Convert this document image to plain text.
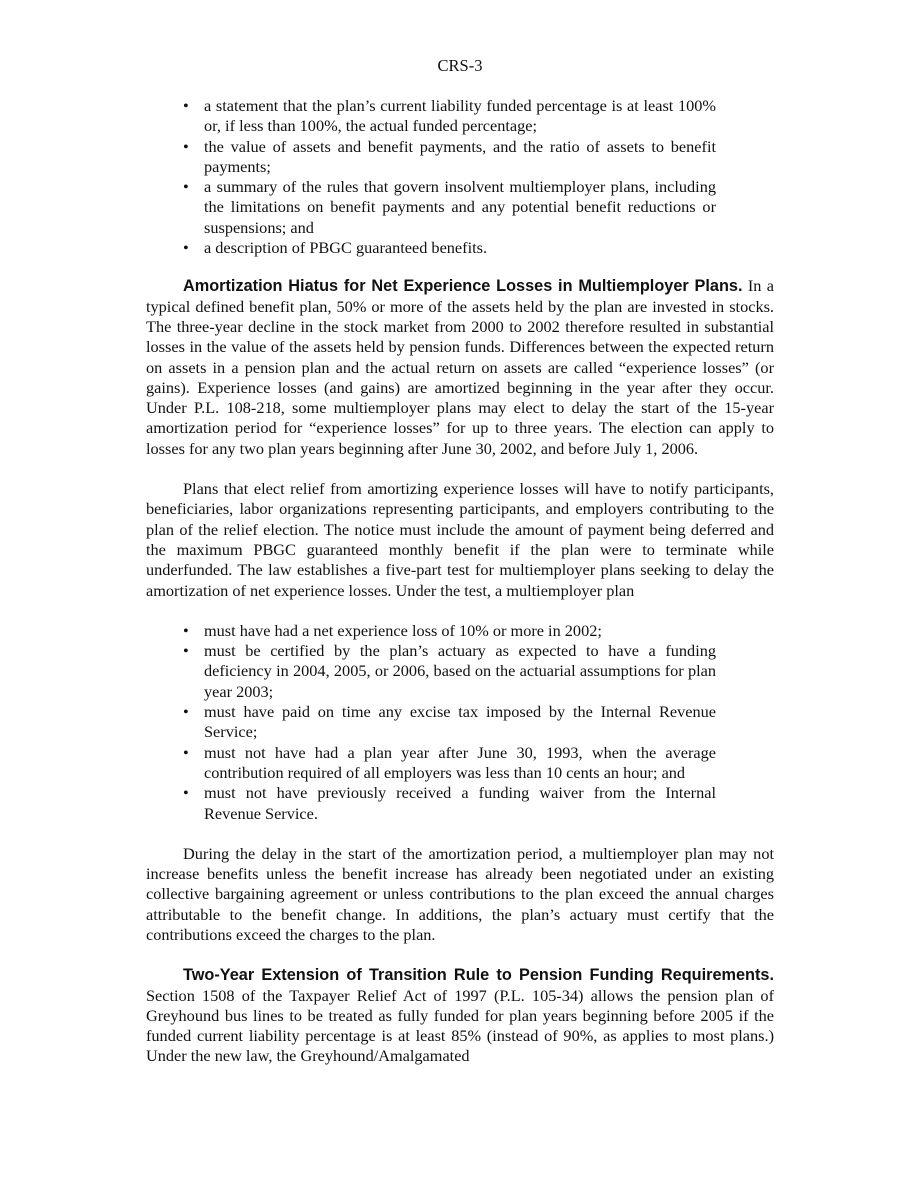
CRS-3
• a statement that the plan’s current liability funded percentage is at least 100% or, if less than 100%, the actual funded percentage;
• the value of assets and benefit payments, and the ratio of assets to benefit payments;
• a summary of the rules that govern insolvent multiemployer plans, including the limitations on benefit payments and any potential benefit reductions or suspensions; and
• a description of PBGC guaranteed benefits.

Amortization Hiatus for Net Experience Losses in Multiemployer Plans. In a typical defined benefit plan, 50% or more of the assets held by the plan are invested in stocks. The three-year decline in the stock market from 2000 to 2002 therefore resulted in substantial losses in the value of the assets held by pension funds. Differences between the expected return on assets in a pension plan and the actual return on assets are called “experience losses” (or gains). Experience losses (and gains) are amortized beginning in the year after they occur. Under P.L. 108-218, some multiemployer plans may elect to delay the start of the 15-year amortization period for “experience losses” for up to three years. The election can apply to losses for any two plan years beginning after June 30, 2002, and before July 1, 2006.

Plans that elect relief from amortizing experience losses will have to notify participants, beneficiaries, labor organizations representing participants, and employers contributing to the plan of the relief election. The notice must include the amount of payment being deferred and the maximum PBGC guaranteed monthly benefit if the plan were to terminate while underfunded. The law establishes a five-part test for multiemployer plans seeking to delay the amortization of net experience losses. Under the test, a multiemployer plan

• must have had a net experience loss of 10% or more in 2002;
• must be certified by the plan’s actuary as expected to have a funding deficiency in 2004, 2005, or 2006, based on the actuarial assumptions for plan year 2003;
• must have paid on time any excise tax imposed by the Internal Revenue Service;
• must not have had a plan year after June 30, 1993, when the average contribution required of all employers was less than 10 cents an hour; and
• must not have previously received a funding waiver from the Internal Revenue Service.

During the delay in the start of the amortization period, a multiemployer plan may not increase benefits unless the benefit increase has already been negotiated under an existing collective bargaining agreement or unless contributions to the plan exceed the annual charges attributable to the benefit change. In additions, the plan’s actuary must certify that the contributions exceed the charges to the plan.

Two-Year Extension of Transition Rule to Pension Funding Requirements. Section 1508 of the Taxpayer Relief Act of 1997 (P.L. 105-34) allows the pension plan of Greyhound bus lines to be treated as fully funded for plan years beginning before 2005 if the funded current liability percentage is at least 85% (instead of 90%, as applies to most plans.) Under the new law, the Greyhound/Amalgamated
